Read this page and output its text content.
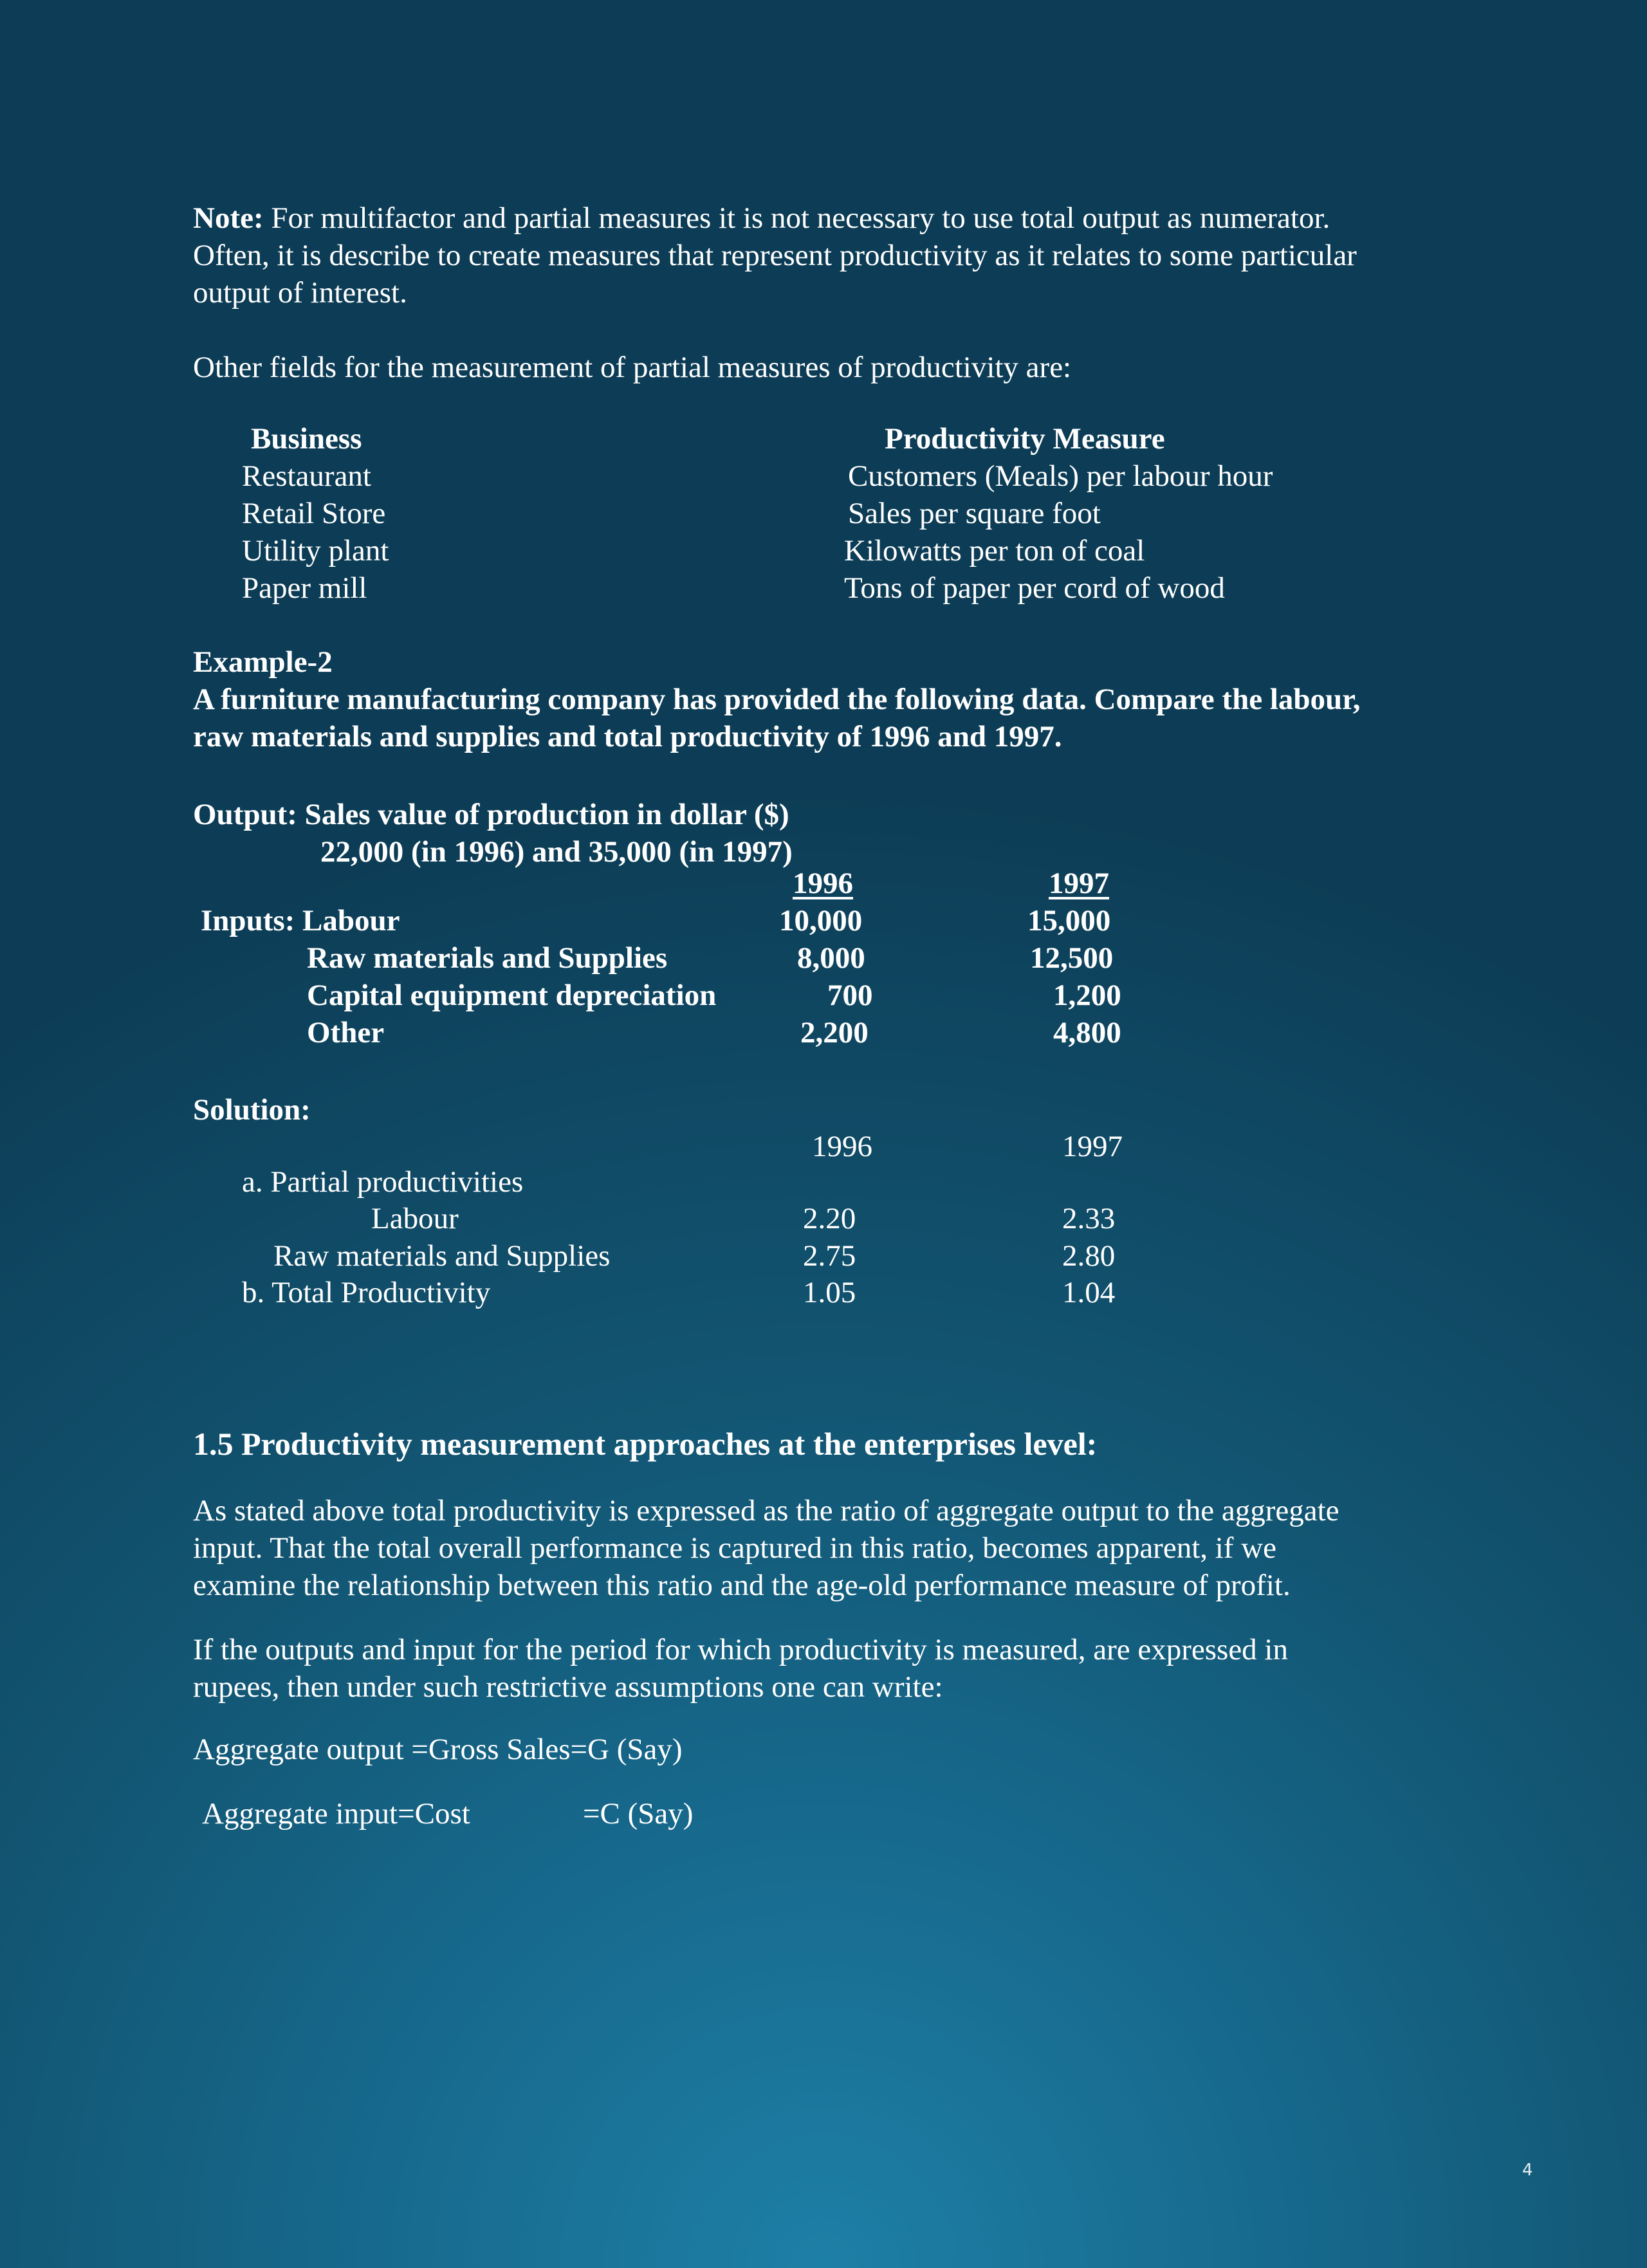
Note: For multifactor and partial measures it is not necessary to use total output as numerator.
Often, it is describe to create measures that represent productivity as it relates to some particular
output of interest.
Other fields for the measurement of partial measures of productivity are:
Business	Productivity Measure
Restaurant	Customers (Meals) per labour hour
Retail Store	Sales per square foot
Utility plant	Kilowatts per ton of coal
Paper mill	Tons of paper per cord of wood
Example-2
A furniture manufacturing company has provided the following data. Compare the labour,
raw materials and supplies and total productivity of 1996 and 1997.
Output: Sales value of production in dollar ($)
22,000 (in 1996) and 35,000 (in 1997)
1996	1997
Inputs: Labour	10,000	15,000
Raw materials and Supplies	8,000	12,500
Capital equipment depreciation	700	1,200
Other	2,200	4,800
Solution:
1996	1997
a. Partial productivities
Labour	2.20	2.33
Raw materials and Supplies	2.75	2.80
b. Total Productivity	1.05	1.04
1.5 Productivity measurement approaches at the enterprises level:
As stated above total productivity is expressed as the ratio of aggregate output to the aggregate
input. That the total overall performance is captured in this ratio, becomes apparent, if we
examine the relationship between this ratio and the age-old performance measure of profit.
If the outputs and input for the period for which productivity is measured, are expressed in
rupees, then under such restrictive assumptions one can write:
Aggregate output =Gross Sales=G (Say)
Aggregate input=Cost	=C (Say)
4
